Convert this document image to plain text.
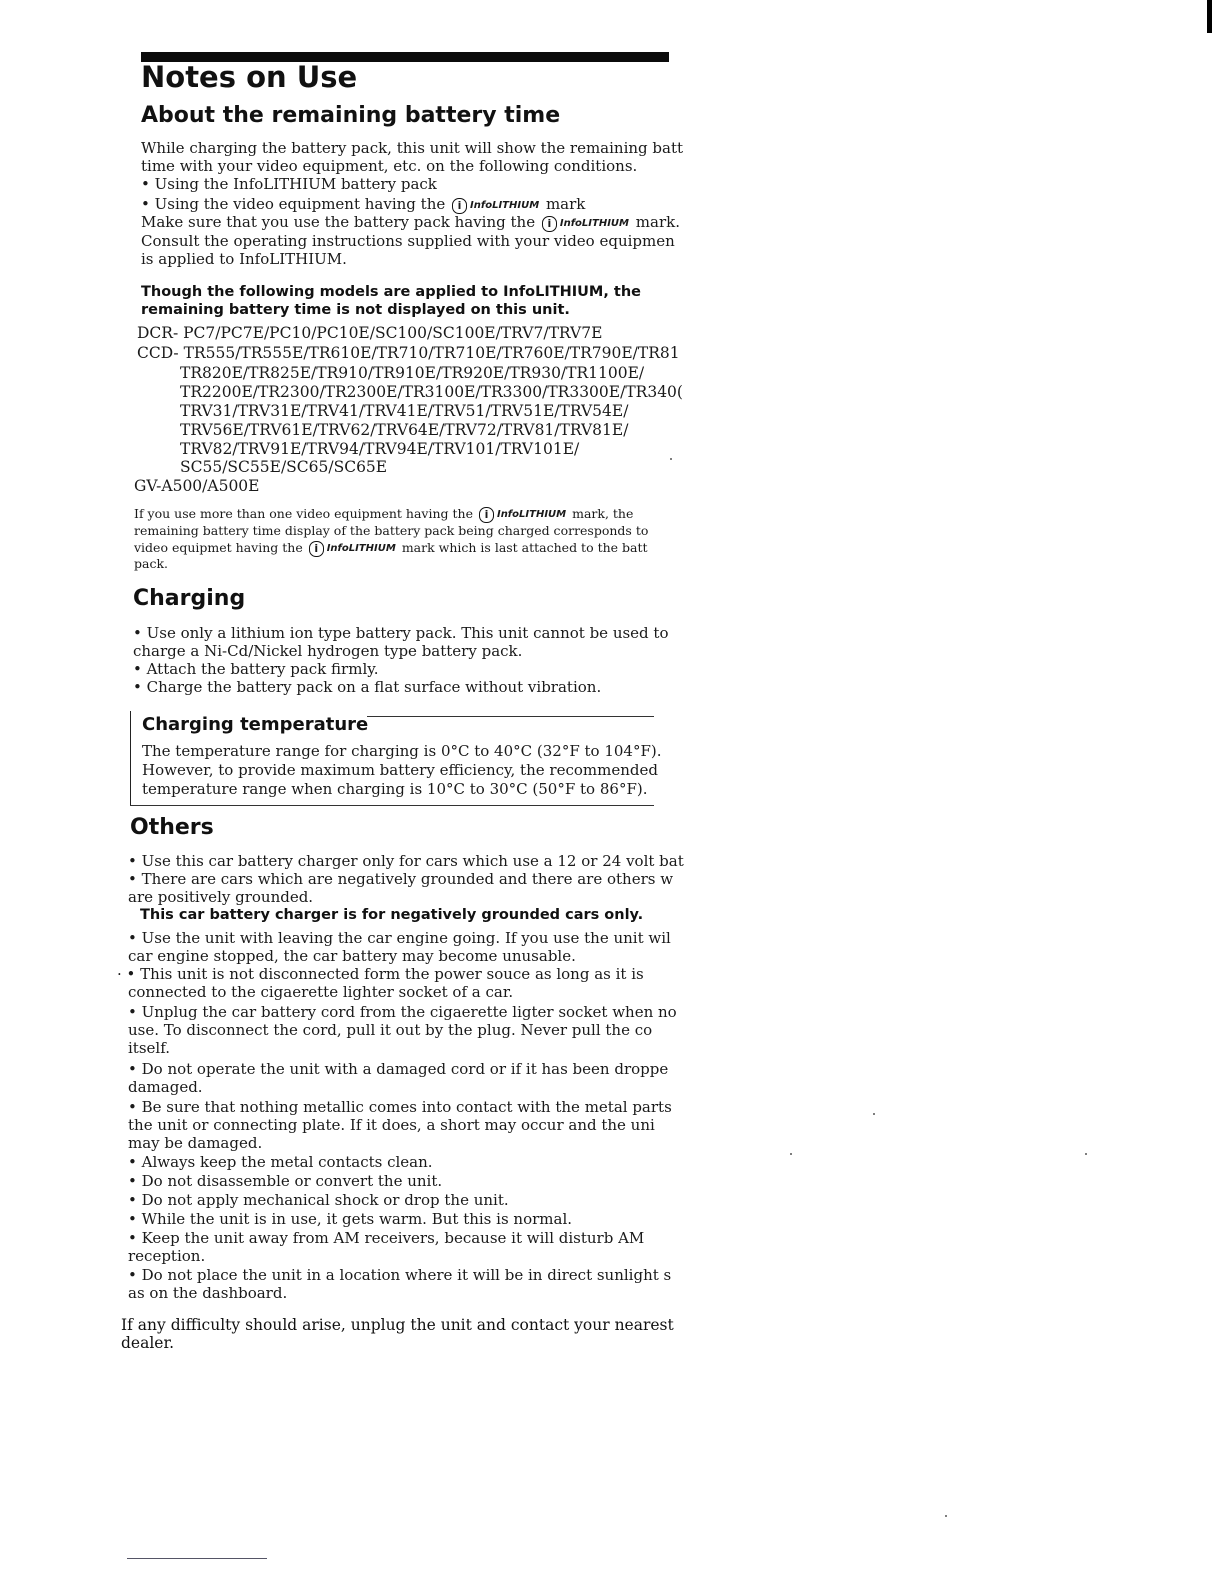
Notes on Use
About the remaining battery time
While charging the battery pack, this unit will show the remaining batt
time with your video equipment, etc. on the following conditions.
• Using the InfoLITHIUM battery pack
• Using the video equipment having the i InfoLITHIUM mark
Make sure that you use the battery pack having the i InfoLITHIUM mark.
Consult the operating instructions supplied with your video equipmen
is applied to InfoLITHIUM.
Though the following models are applied to InfoLITHIUM, the
remaining battery time is not displayed on this unit.
DCR- PC7/PC7E/PC10/PC10E/SC100/SC100E/TRV7/TRV7E
CCD- TR555/TR555E/TR610E/TR710/TR710E/TR760E/TR790E/TR81
TR820E/TR825E/TR910/TR910E/TR920E/TR930/TR1100E/
TR2200E/TR2300/TR2300E/TR3100E/TR3300/TR3300E/TR340(
TRV31/TRV31E/TRV41/TRV41E/TRV51/TRV51E/TRV54E/
TRV56E/TRV61E/TRV62/TRV64E/TRV72/TRV81/TRV81E/
TRV82/TRV91E/TRV94/TRV94E/TRV101/TRV101E/
SC55/SC55E/SC65/SC65E
GV-A500/A500E
If you use more than one video equipment having the i InfoLITHIUM mark, the
remaining battery time display of the battery pack being charged corresponds to
video equipmet having the i InfoLITHIUM mark which is last attached to the batt
pack.
Charging
• Use only a lithium ion type battery pack. This unit cannot be used to
charge a Ni-Cd/Nickel hydrogen type battery pack.
• Attach the battery pack firmly.
• Charge the battery pack on a flat surface without vibration.
Charging temperature
The temperature range for charging is 0°C to 40°C (32°F to 104°F).
However, to provide maximum battery efficiency, the recommended
temperature range when charging is 10°C to 30°C (50°F to 86°F).
Others
• Use this car battery charger only for cars which use a 12 or 24 volt bat
• There are cars which are negatively grounded and there are others w
are positively grounded.
This car battery charger is for negatively grounded cars only.
• Use the unit with leaving the car engine going. If you use the unit wil
car engine stopped, the car battery may become unusable.
· • This unit is not disconnected form the power souce as long as it is
connected to the cigaerette lighter socket of a car.
• Unplug the car battery cord from the cigaerette ligter socket when no
use. To disconnect the cord, pull it out by the plug. Never pull the co
itself.
• Do not operate the unit with a damaged cord or if it has been droppe
damaged.
• Be sure that nothing metallic comes into contact with the metal parts
the unit or connecting plate. If it does, a short may occur and the uni
may be damaged.
• Always keep the metal contacts clean.
• Do not disassemble or convert the unit.
• Do not apply mechanical shock or drop the unit.
• While the unit is in use, it gets warm. But this is normal.
• Keep the unit away from AM receivers, because it will disturb AM
reception.
• Do not place the unit in a location where it will be in direct sunlight s
as on the dashboard.
If any difficulty should arise, unplug the unit and contact your nearest
dealer.
